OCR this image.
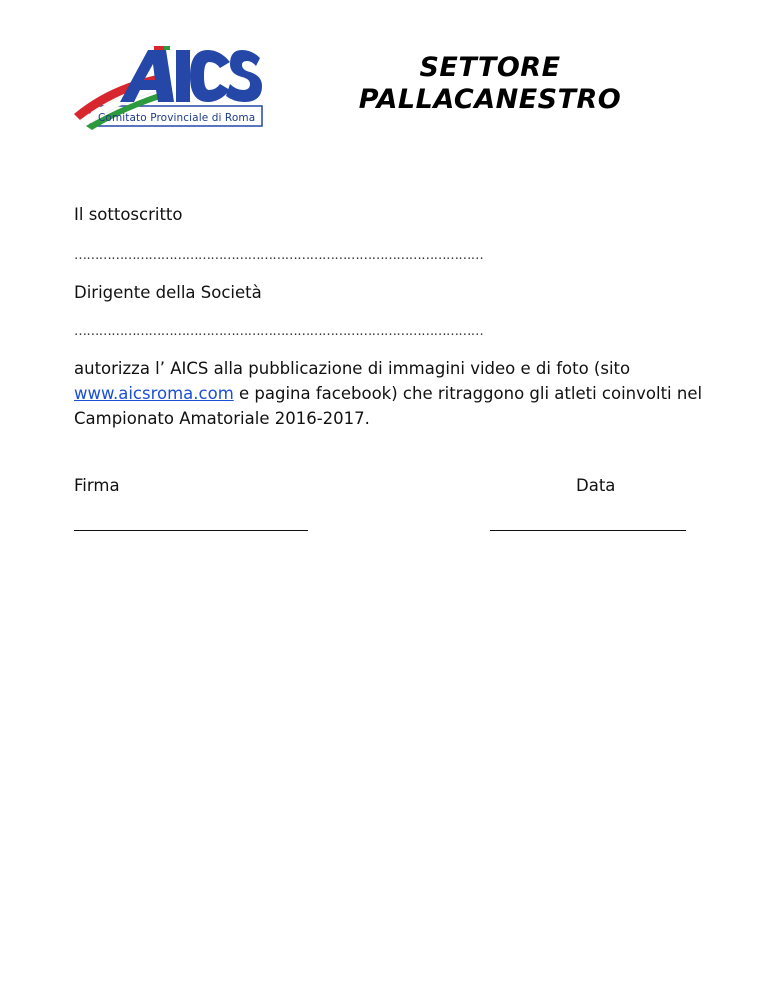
Comitato Provinciale di Roma
SETTORE
PALLACANESTRO
Il sottoscritto
………………………………………………………………………………………
Dirigente della Società
………………………………………………………………………………………
autorizza l’ AICS alla pubblicazione di immagini video e di foto (sito www.aicsroma.com e pagina facebook) che ritraggono gli atleti coinvolti nel Campionato Amatoriale 2016-2017.
Firma	Data
